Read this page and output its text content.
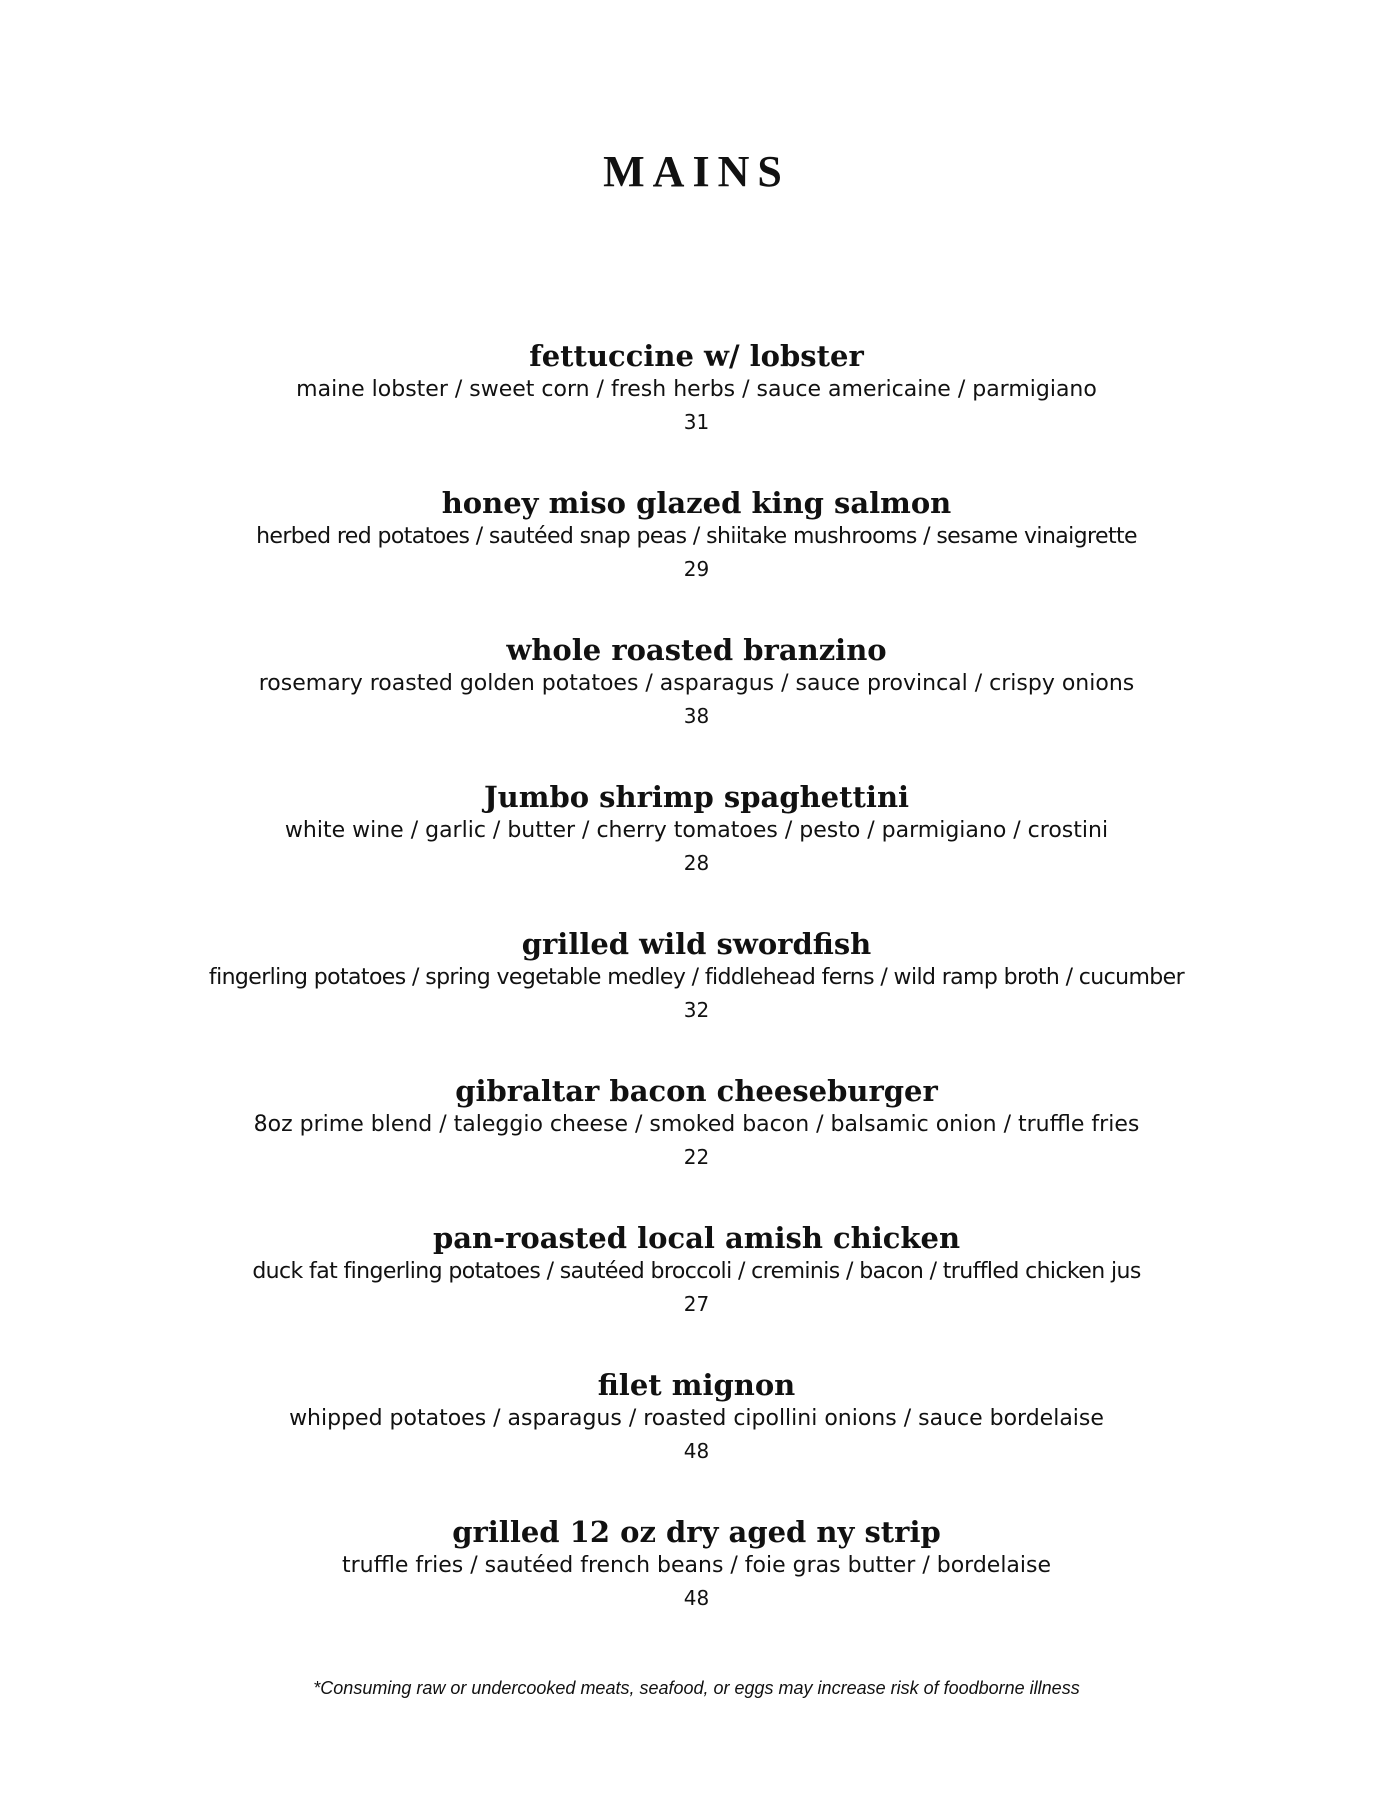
MAINS
fettuccine w/ lobster
maine lobster / sweet corn / fresh herbs / sauce americaine / parmigiano
31
honey miso glazed king salmon
herbed red potatoes / sautéed snap peas / shiitake mushrooms / sesame vinaigrette
29
whole roasted branzino
rosemary roasted golden potatoes / asparagus / sauce provincal / crispy onions
38
Jumbo shrimp spaghettini
white wine / garlic / butter / cherry tomatoes / pesto / parmigiano / crostini
28
grilled wild swordfish
fingerling potatoes / spring vegetable medley / fiddlehead ferns / wild ramp broth / cucumber
32
gibraltar bacon cheeseburger
8oz prime blend / taleggio cheese / smoked bacon / balsamic onion / truffle fries
22
pan-roasted local amish chicken
duck fat fingerling potatoes / sautéed broccoli / creminis / bacon / truffled chicken jus
27
filet mignon
whipped potatoes / asparagus / roasted cipollini onions / sauce bordelaise
48
grilled 12 oz dry aged ny strip
truffle fries / sautéed french beans / foie gras butter / bordelaise
48
*Consuming raw or undercooked meats, seafood, or eggs may increase risk of foodborne illness
